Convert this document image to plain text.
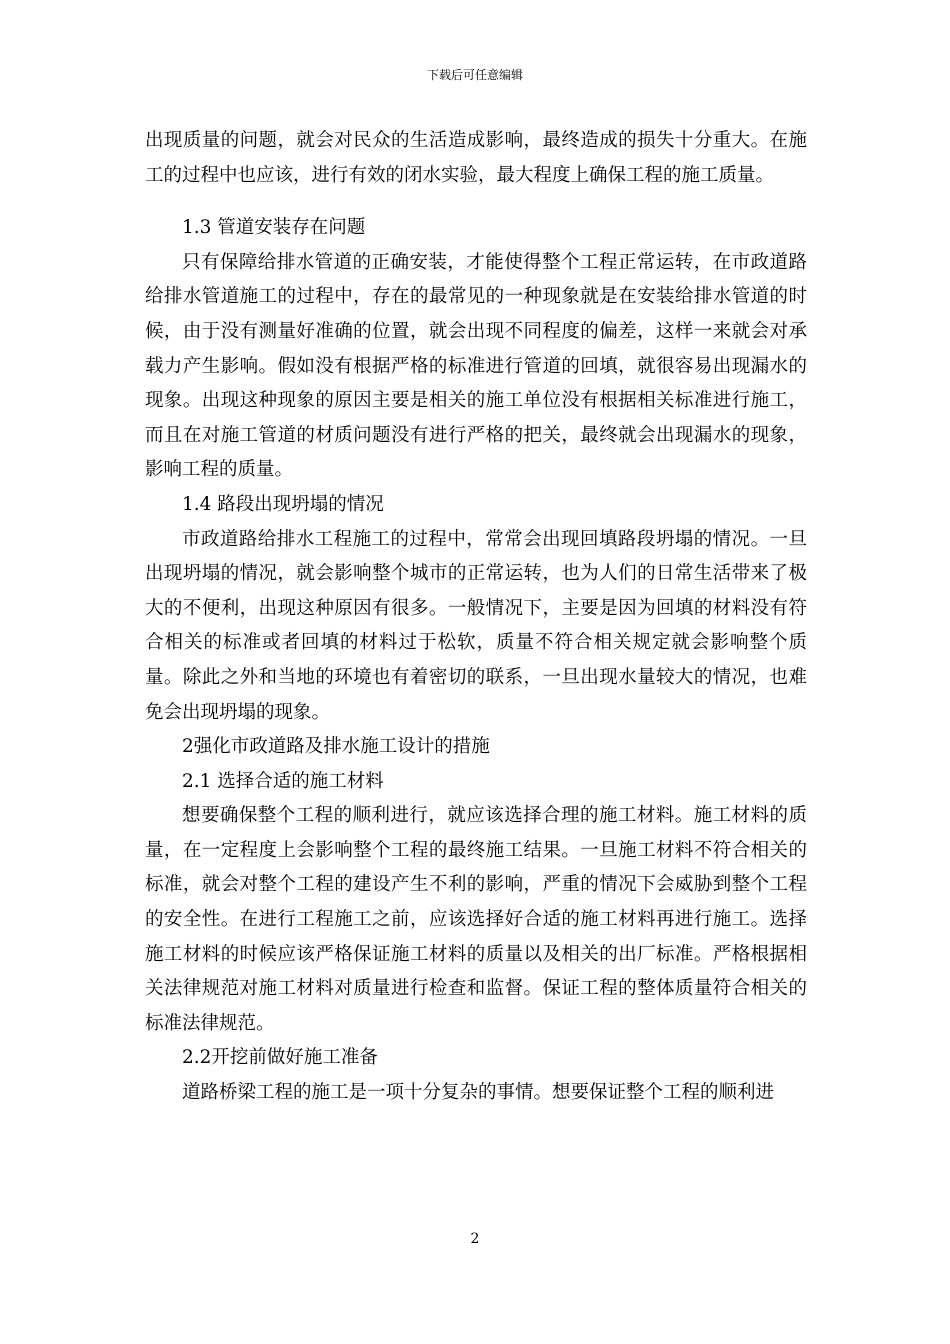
下载后可任意编辑

出现质量的问题，就会对民众的生活造成影响，最终造成的损失十分重大。在施工的过程中也应该，进行有效的闭水实验，最大程度上确保工程的施工质量。

1.3 管道安装存在问题

只有保障给排水管道的正确安装，才能使得整个工程正常运转，在市政道路给排水管道施工的过程中，存在的最常见的一种现象就是在安装给排水管道的时候，由于没有测量好准确的位置，就会出现不同程度的偏差，这样一来就会对承载力产生影响。假如没有根据严格的标准进行管道的回填，就很容易出现漏水的现象。出现这种现象的原因主要是相关的施工单位没有根据相关标准进行施工，而且在对施工管道的材质问题没有进行严格的把关，最终就会出现漏水的现象，影响工程的质量。

1.4 路段出现坍塌的情况

市政道路给排水工程施工的过程中，常常会出现回填路段坍塌的情况。一旦出现坍塌的情况，就会影响整个城市的正常运转，也为人们的日常生活带来了极大的不便利，出现这种原因有很多。一般情况下，主要是因为回填的材料没有符合相关的标准或者回填的材料过于松软，质量不符合相关规定就会影响整个质量。除此之外和当地的环境也有着密切的联系，一旦出现水量较大的情况，也难免会出现坍塌的现象。

2强化市政道路及排水施工设计的措施

2.1 选择合适的施工材料

想要确保整个工程的顺利进行，就应该选择合理的施工材料。施工材料的质量，在一定程度上会影响整个工程的最终施工结果。一旦施工材料不符合相关的标准，就会对整个工程的建设产生不利的影响，严重的情况下会威胁到整个工程的安全性。在进行工程施工之前，应该选择好合适的施工材料再进行施工。选择施工材料的时候应该严格保证施工材料的质量以及相关的出厂标准。严格根据相关法律规范对施工材料对质量进行检查和监督。保证工程的整体质量符合相关的标准法律规范。

2.2开挖前做好施工准备

道路桥梁工程的施工是一项十分复杂的事情。想要保证整个工程的顺利进

2
